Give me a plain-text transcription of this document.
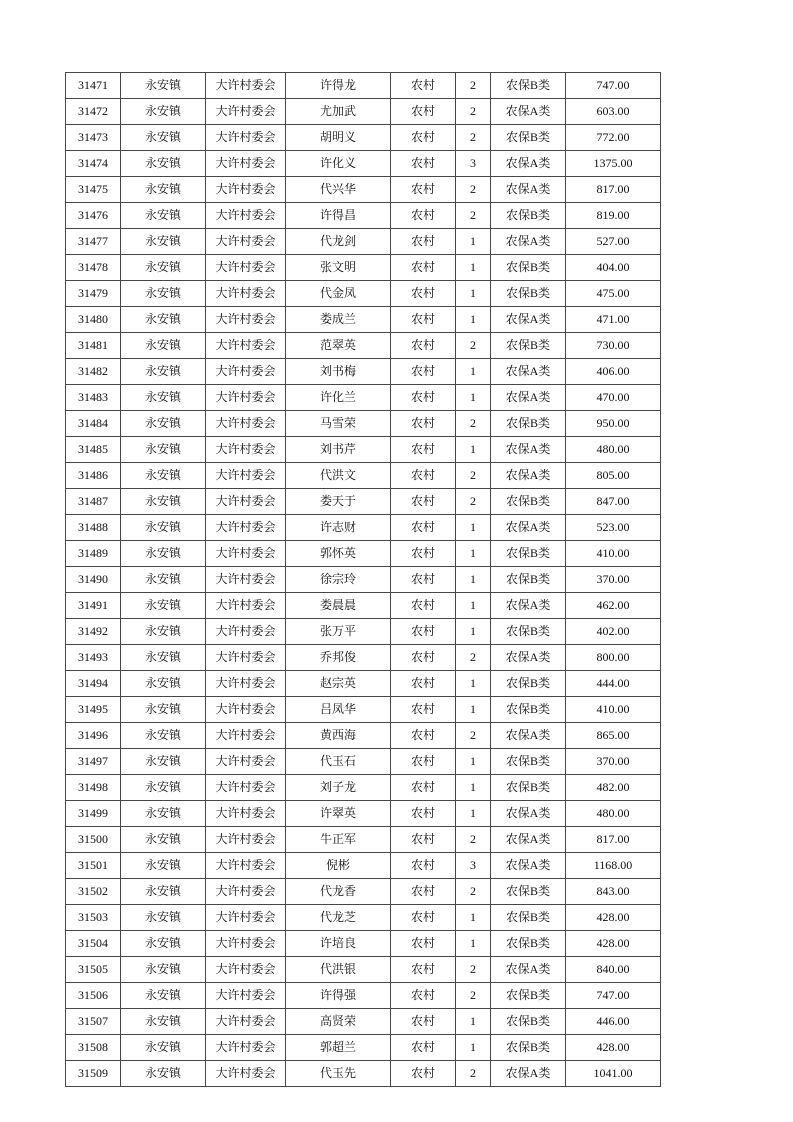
31471	永安镇	大许村委会	许得龙	农村	2	农保B类	747.00
31472	永安镇	大许村委会	尤加武	农村	2	农保A类	603.00
31473	永安镇	大许村委会	胡明义	农村	2	农保B类	772.00
31474	永安镇	大许村委会	许化义	农村	3	农保A类	1375.00
31475	永安镇	大许村委会	代兴华	农村	2	农保A类	817.00
31476	永安镇	大许村委会	许得昌	农村	2	农保B类	819.00
31477	永安镇	大许村委会	代龙剑	农村	1	农保A类	527.00
31478	永安镇	大许村委会	张文明	农村	1	农保B类	404.00
31479	永安镇	大许村委会	代金凤	农村	1	农保B类	475.00
31480	永安镇	大许村委会	娄成兰	农村	1	农保A类	471.00
31481	永安镇	大许村委会	范翠英	农村	2	农保B类	730.00
31482	永安镇	大许村委会	刘书梅	农村	1	农保A类	406.00
31483	永安镇	大许村委会	许化兰	农村	1	农保A类	470.00
31484	永安镇	大许村委会	马雪荣	农村	2	农保B类	950.00
31485	永安镇	大许村委会	刘书芹	农村	1	农保A类	480.00
31486	永安镇	大许村委会	代洪文	农村	2	农保A类	805.00
31487	永安镇	大许村委会	娄天于	农村	2	农保B类	847.00
31488	永安镇	大许村委会	许志财	农村	1	农保A类	523.00
31489	永安镇	大许村委会	郭怀英	农村	1	农保B类	410.00
31490	永安镇	大许村委会	徐宗玲	农村	1	农保B类	370.00
31491	永安镇	大许村委会	娄晨晨	农村	1	农保A类	462.00
31492	永安镇	大许村委会	张万平	农村	1	农保B类	402.00
31493	永安镇	大许村委会	乔邦俊	农村	2	农保A类	800.00
31494	永安镇	大许村委会	赵宗英	农村	1	农保B类	444.00
31495	永安镇	大许村委会	吕凤华	农村	1	农保B类	410.00
31496	永安镇	大许村委会	黄西海	农村	2	农保A类	865.00
31497	永安镇	大许村委会	代玉石	农村	1	农保B类	370.00
31498	永安镇	大许村委会	刘子龙	农村	1	农保B类	482.00
31499	永安镇	大许村委会	许翠英	农村	1	农保A类	480.00
31500	永安镇	大许村委会	牛正军	农村	2	农保A类	817.00
31501	永安镇	大许村委会	倪彬	农村	3	农保A类	1168.00
31502	永安镇	大许村委会	代龙香	农村	2	农保B类	843.00
31503	永安镇	大许村委会	代龙芝	农村	1	农保B类	428.00
31504	永安镇	大许村委会	许培良	农村	1	农保B类	428.00
31505	永安镇	大许村委会	代洪银	农村	2	农保A类	840.00
31506	永安镇	大许村委会	许得强	农村	2	农保B类	747.00
31507	永安镇	大许村委会	高贤荣	农村	1	农保B类	446.00
31508	永安镇	大许村委会	郭超兰	农村	1	农保B类	428.00
31509	永安镇	大许村委会	代玉先	农村	2	农保A类	1041.00
